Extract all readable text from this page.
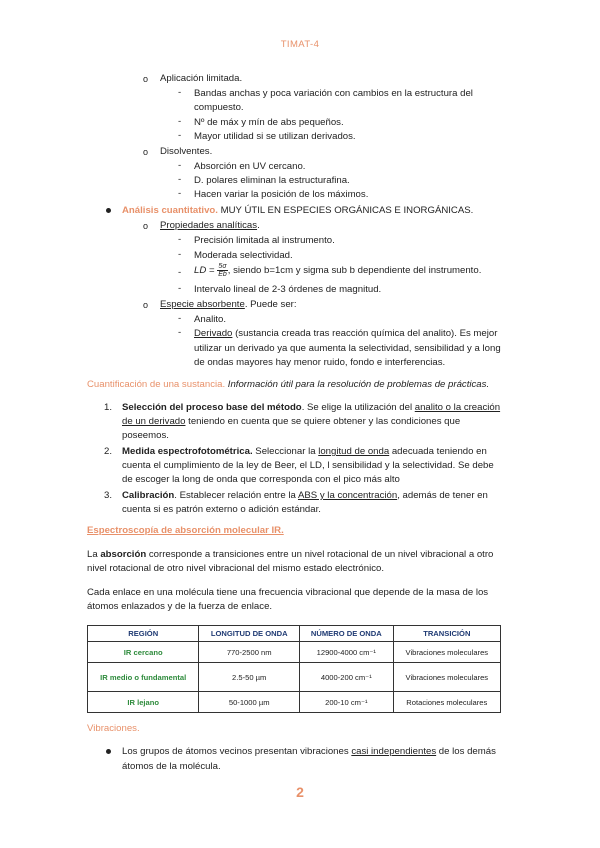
TIMAT-4
o Aplicación limitada.
- Bandas anchas y poca variación con cambios en la estructura del
compuesto.
- Nº de máx y mín de abs pequeños.
- Mayor utilidad si se utilizan derivados.
o Disolventes.
- Absorción en UV cercano.
- D. polares eliminan la estructurafina.
- Hacen variar la posición de los máximos.
Análisis cuantitativo. MUY ÚTIL EN ESPECIES ORGÁNICAS E INORGÁNICAS.
o Propiedades analíticas.
- Precisión limitada al instrumento.
- Moderada selectividad.
- LD = $\frac{5\sigma}{Eb}$ , siendo b=1cm y sigma sub b dependiente del instrumento.
- Intervalo lineal de 2-3 órdenes de magnitud.
o Especie absorbente. Puede ser:
- Analito.
- Derivado (sustancia creada tras reacción química del analito). Es mejor
utilizar un derivado ya que aumenta la selectividad, sensibilidad y a long
de ondas mayores hay menor ruido, fondo e interferencias.
Cuantificación de una sustancia. Información útil para la resolución de problemas de prácticas.
1. Selección del proceso base del método. Se elige la utilización del analito o la creación
de un derivado teniendo en cuenta que se quiere obtener y las condiciones que
poseemos.
2. Medida espectrofotométrica. Seleccionar la longitud de onda adecuada teniendo en
cuenta el cumplimiento de la ley de Beer, el LD, l sensibilidad y la selectividad. Se debe
de escoger la long de onda que corresponda con el pico más alto
3. Calibración. Establecer relación entre la ABS y la concentración, además de tener en
cuenta si es patrón externo o adición estándar.
Espectroscopía de absorción molecular IR.
La absorción corresponde a transiciones entre un nivel rotacional de un nivel vibracional a otro
nivel rotacional de otro nivel vibracional del mismo estado electrónico.
Cada enlace en una molécula tiene una frecuencia vibracional que depende de la masa de los
átomos enlazados y de la fuerza de enlace.
REGIÓN	LONGITUD DE ONDA	NÚMERO DE ONDA	TRANSICIÓN
IR cercano	770-2500 nm	12900-4000 cm⁻¹	Vibraciones moleculares
IR medio o fundamental	2.5-50 µm	4000-200 cm⁻¹	Vibraciones moleculares
IR lejano	50-1000 µm	200-10 cm⁻¹	Rotaciones moleculares
Vibraciones.
Los grupos de átomos vecinos presentan vibraciones casi independientes de los demás
átomos de la molécula.
2
